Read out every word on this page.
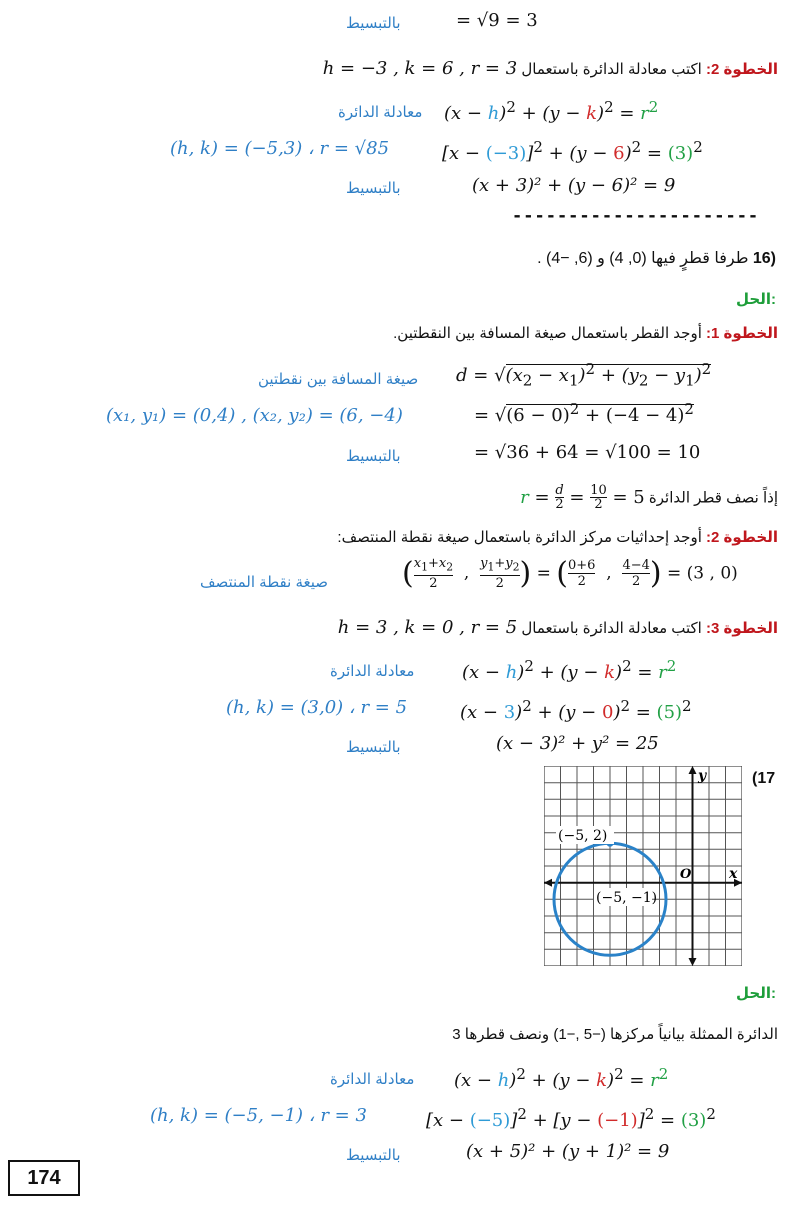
بالتبسيط	= √9 = 3
الخطوة 2: اكتب معادلة الدائرة باستعمال h = −3 , k = 6 , r = 3
معادلة الدائرة $(x - h)^2 + (y - k)^2 = r^2$
(h, k) = (−5,3) ، r = √85	$[x - (-3)]^2 + (y - 6)^2 = (3)^2$
بالتبسيط	(x + 3)² + (y − 6)² = 9
----------------------
16) طرفا قطرٍ فيها (0, 4) و (6, −4) .
الحل:
الخطوة 1: أوجد القطر باستعمال صيغة المسافة بين النقطتين.
صيغة المسافة بين نقطتين $d = √(x_2 - x_1)^2 + (y_2 - y_1)^2$
(x₁, y₁) = (0,4) , (x₂, y₂) = (6, −4)	= $√(6 - 0)^2 + (-4 - 4)^2$
بالتبسيط	= √36 + 64 = √100 = 10
إذاً نصف قطر الدائرة $r = \frac{d}{2} = \frac{10}{2} = 5$
الخطوة 2: أوجد إحداثيات مركز الدائرة باستعمال صيغة نقطة المنتصف:
صيغة نقطة المنتصف ( $\frac{x_1+x_2}{2}$ , $\frac{y_1+y_2}{2}$ ) = ( $\frac{0+6}{2}$ , $\frac{4-4}{2}$ ) = (3 , 0)
الخطوة 3: اكتب معادلة الدائرة باستعمال h = 3 , k = 0 , r = 5
معادلة الدائرة	$(x - h)^2 + (y - k)^2 = r^2$
(h, k) = (3,0) ، r = 5	$(x - 3)^2 + (y - 0)^2 = (5)^2$
بالتبسيط	(x − 3)² + y² = 25
(17
(−5, 2)
(−5, −1)
x
y
O
الحل:
الدائرة الممثلة بيانياً مركزها (−5 ,−1) ونصف قطرها 3
معادلة الدائرة $(x - h)^2 + (y - k)^2 = r^2$
(h, k) = (−5, −1) ، r = 3	$[x - (-5)]^2 + [y - (-1)]^2 = (3)^2$
بالتبسيط	(x + 5)² + (y + 1)² = 9
174
